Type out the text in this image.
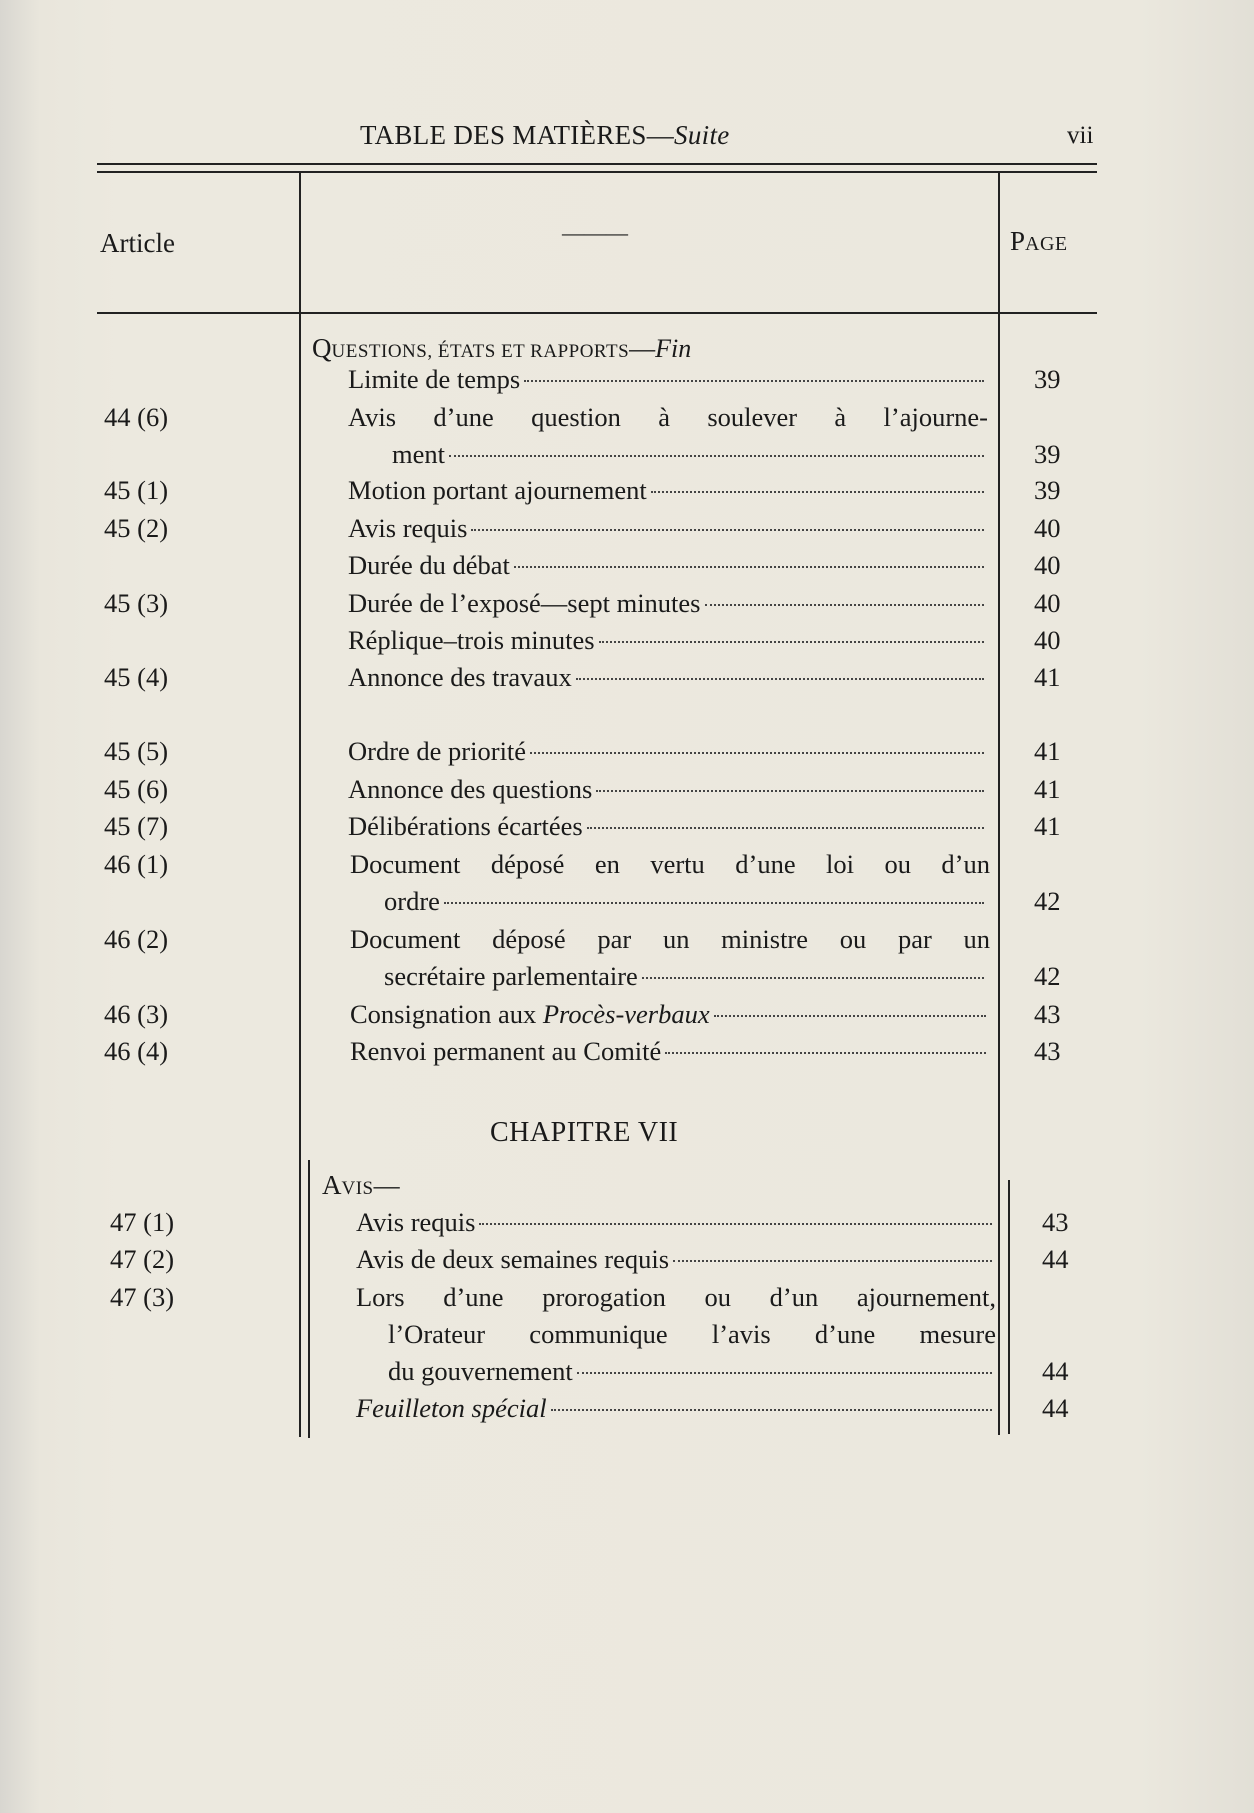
TABLE DES MATIÈRES—Suite	vii
Article	———	PAGE
QUESTIONS, ÉTATS ET RAPPORTS—Fin
Limite de temps	39
44 (6)	Avis d’une question à soulever à l’ajourne-
ment	39
45 (1)	Motion portant ajournement	39
45 (2)	Avis requis	40
Durée du débat	40
45 (3)	Durée de l’exposé—sept minutes	40
Réplique–trois minutes	40
45 (4)	Annonce des travaux	41
45 (5)	Ordre de priorité	41
45 (6)	Annonce des questions	41
45 (7)	Délibérations écartées	41
46 (1)	Document déposé en vertu d’une loi ou d’un
ordre	42
46 (2)	Document déposé par un ministre ou par un
secrétaire parlementaire	42
46 (3)	Consignation aux Procès-verbaux	43
46 (4)	Renvoi permanent au Comité	43
CHAPITRE VII
AVIS—
47 (1)	Avis requis	43
47 (2)	Avis de deux semaines requis	44
47 (3)	Lors d’une prorogation ou d’un ajournement,
l’Orateur communique l’avis d’une mesure
du gouvernement	44
Feuilleton spécial	44
